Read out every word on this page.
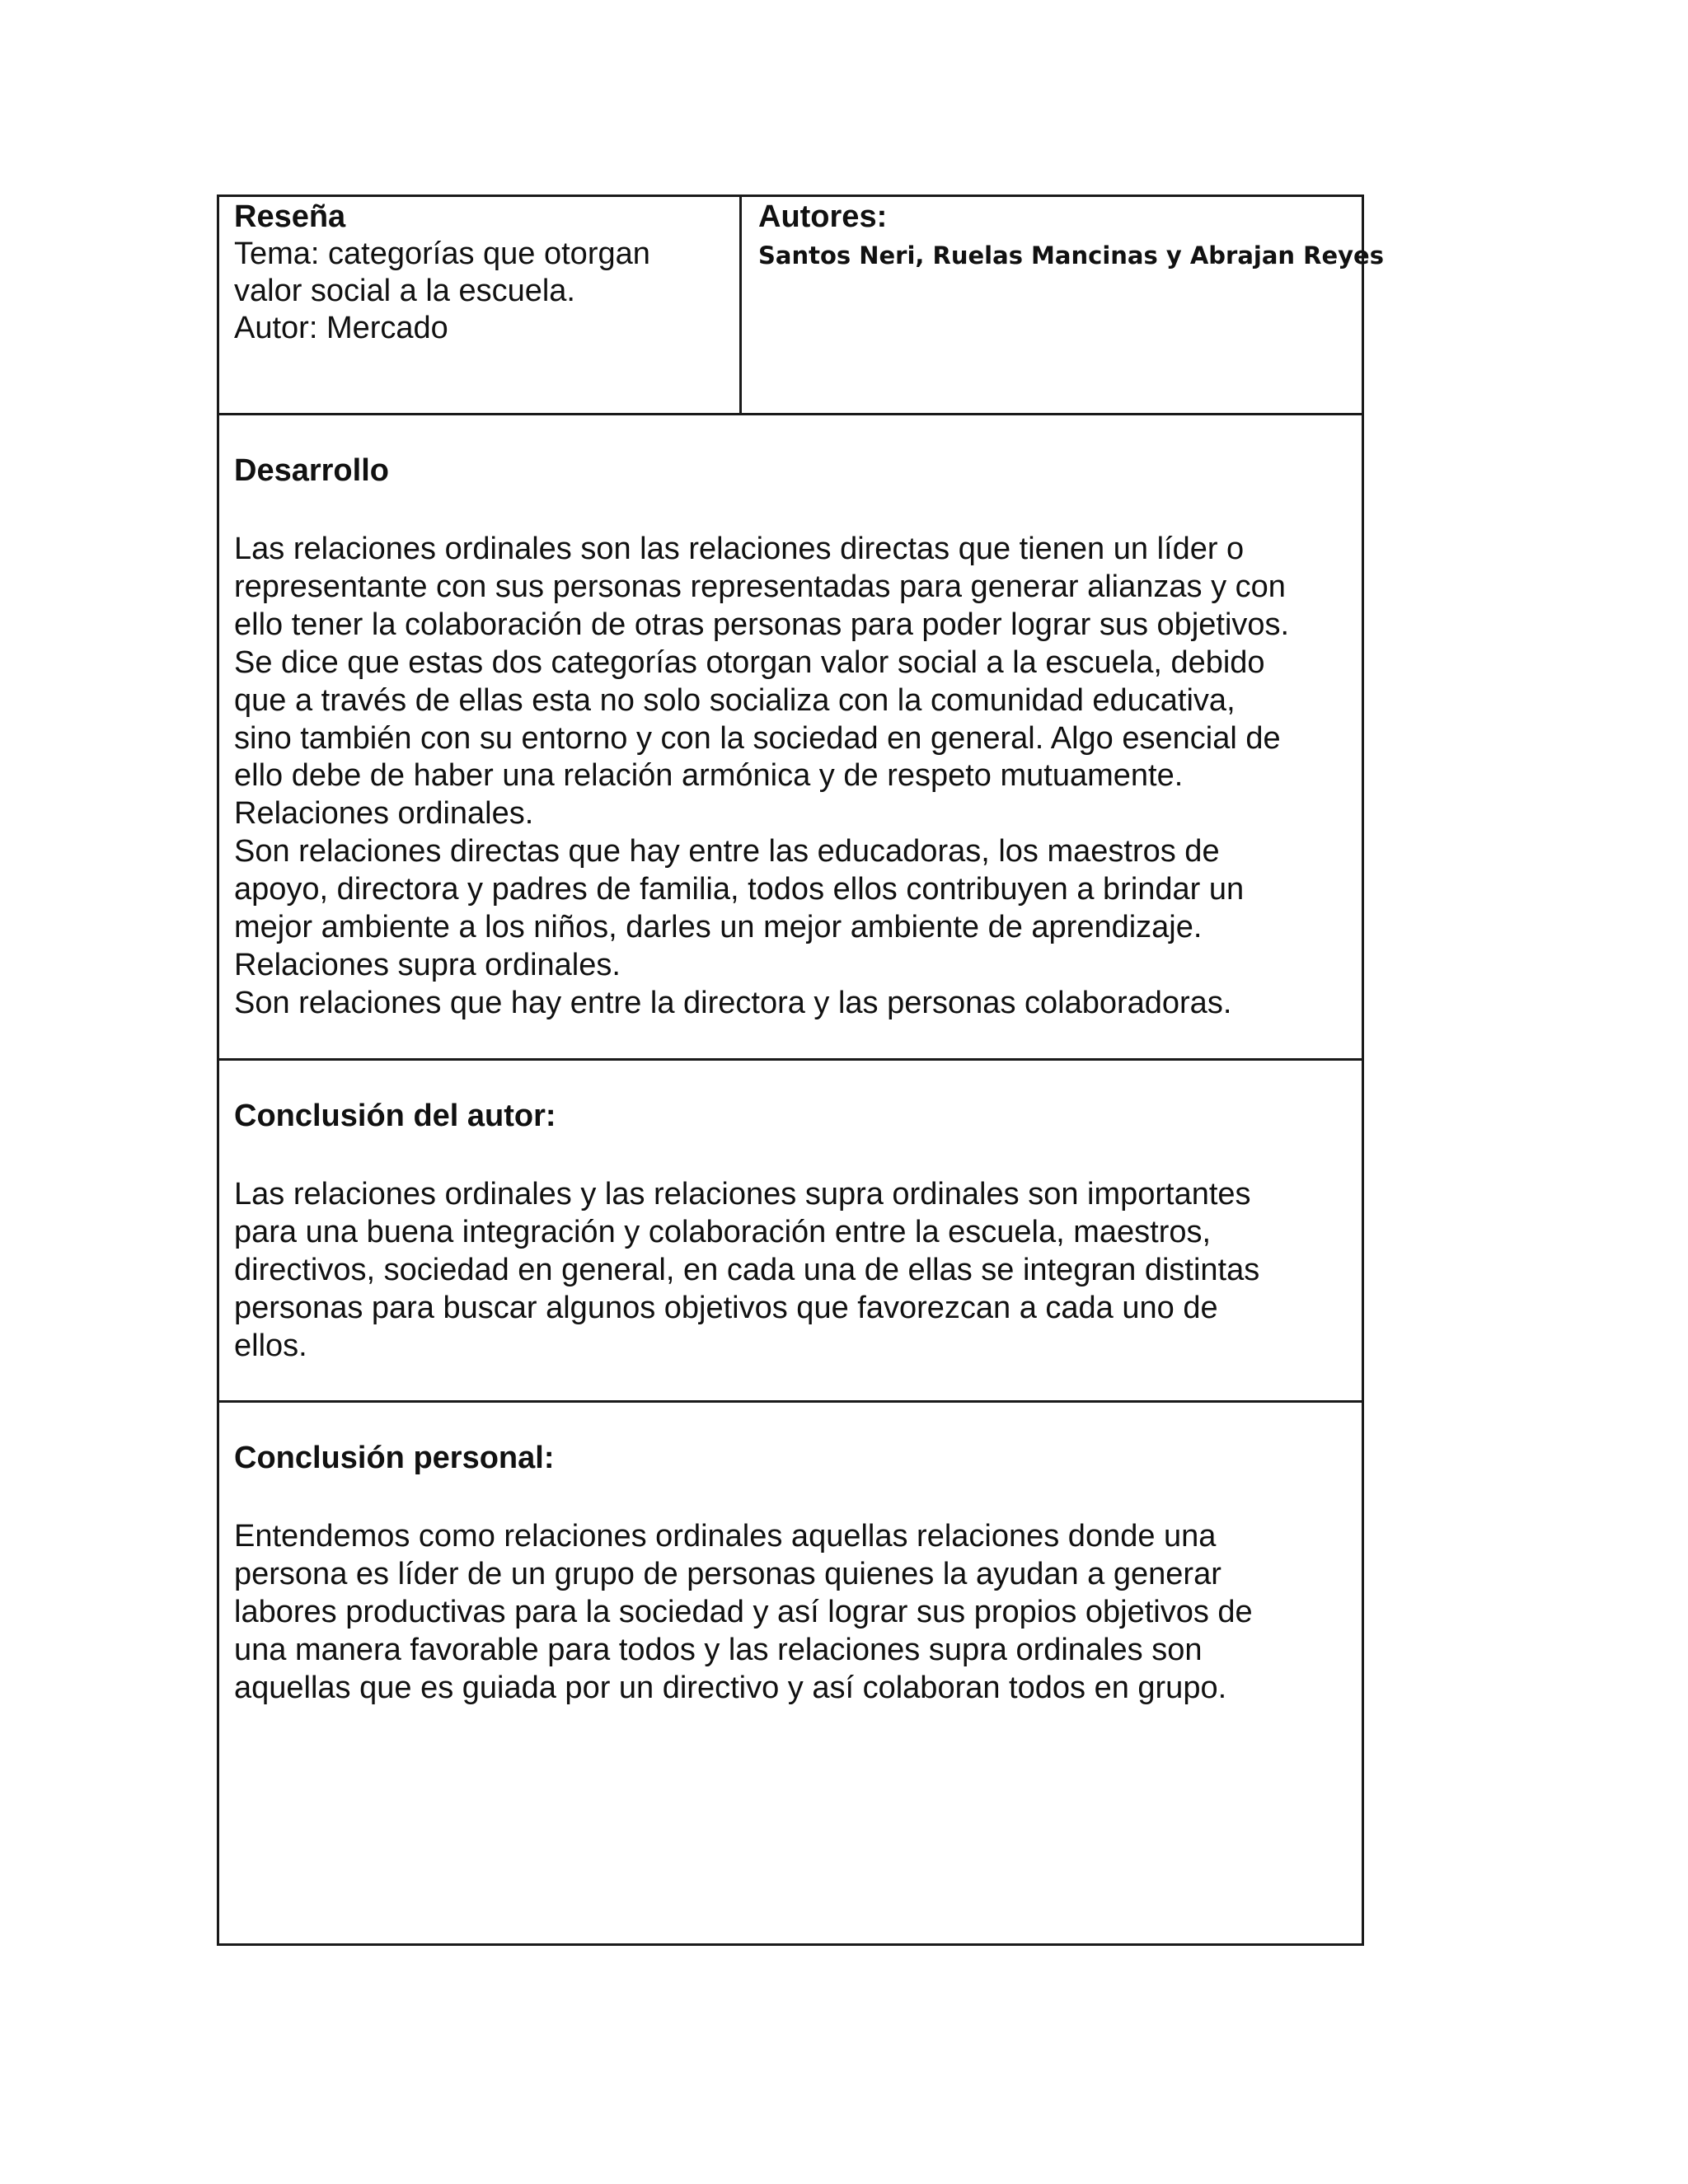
Reseña
Tema: categorías que otorgan
valor social a la escuela.
Autor: Mercado
Autores:
Santos Neri, Ruelas Mancinas y Abrajan Reyes
Desarrollo
Las relaciones ordinales son las relaciones directas que tienen un líder o
representante con sus personas representadas para generar alianzas y con
ello tener la colaboración de otras personas para poder lograr sus objetivos.
Se dice que estas dos categorías otorgan valor social a la escuela, debido
que a través de ellas esta no solo socializa con la comunidad educativa,
sino también con su entorno y con la sociedad en general. Algo esencial de
ello debe de haber una relación armónica y de respeto mutuamente.
Relaciones ordinales.
Son relaciones directas que hay entre las educadoras, los maestros de
apoyo, directora y padres de familia, todos ellos contribuyen a brindar un
mejor ambiente a los niños, darles un mejor ambiente de aprendizaje.
Relaciones supra ordinales.
Son relaciones que hay entre la directora y las personas colaboradoras.
Conclusión del autor:
Las relaciones ordinales y las relaciones supra ordinales son importantes
para una buena integración y colaboración entre la escuela, maestros,
directivos, sociedad en general, en cada una de ellas se integran distintas
personas para buscar algunos objetivos que favorezcan a cada uno de
ellos.
Conclusión personal:
Entendemos como relaciones ordinales aquellas relaciones donde una
persona es líder de un grupo de personas quienes la ayudan a generar
labores productivas para la sociedad y así lograr sus propios objetivos de
una manera favorable para todos y las relaciones supra ordinales son
aquellas que es guiada por un directivo y así colaboran todos en grupo.
